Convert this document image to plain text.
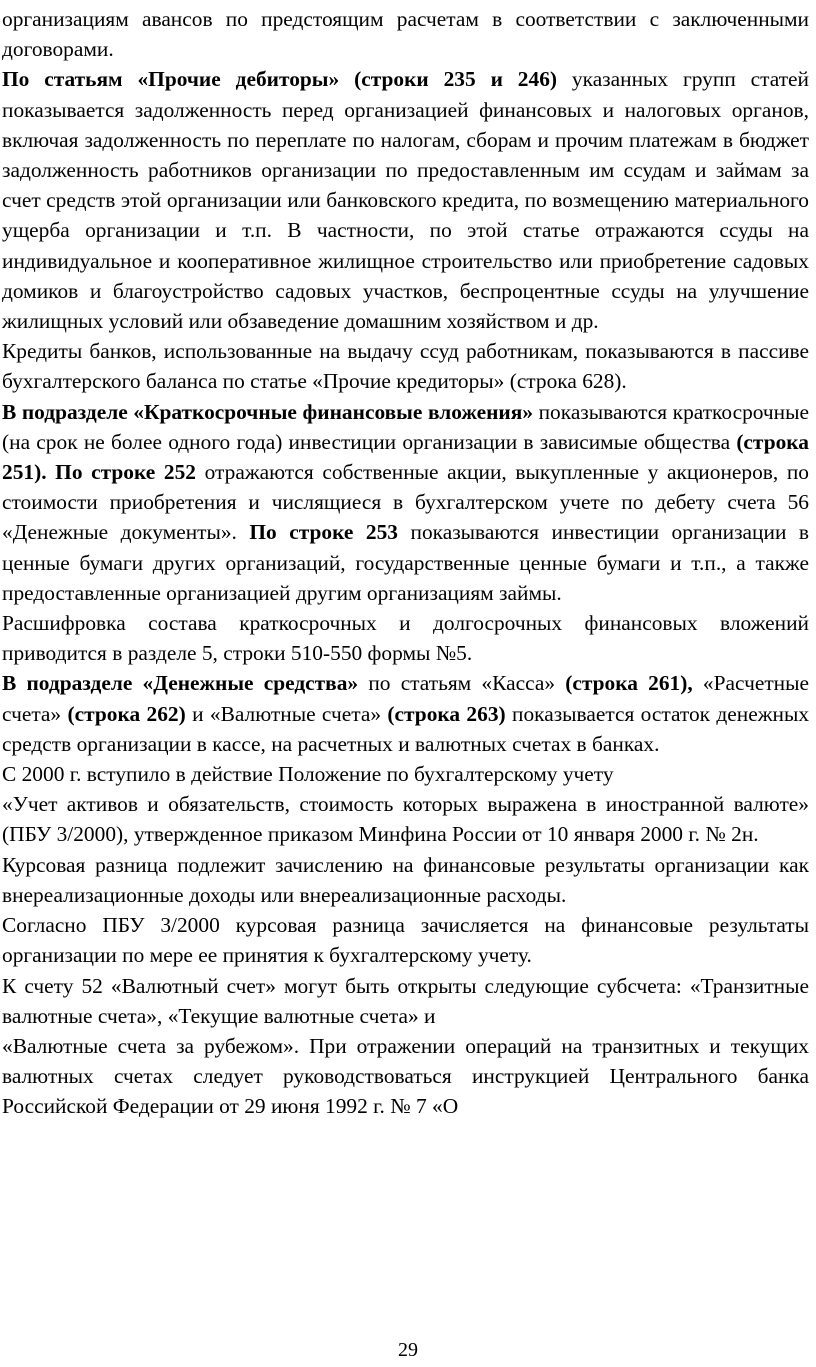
организациям авансов по предстоящим расчетам в соответствии с заключенными договорами.

По статьям «Прочие дебиторы» (строки 235 и 246) указанных групп статей показывается задолженность перед организацией финансовых и налоговых органов, включая задолженность по переплате по налогам, сборам и прочим платежам в бюджет задолженность работников организации по предоставленным им ссудам и займам за счет средств этой организации или банковского кредита, по возмещению материального ущерба организации и т.п. В частности, по этой статье отражаются ссуды на индивидуальное и кооперативное жилищное строительство или приобретение садовых домиков и благоустройство садовых участков, беспроцентные ссуды на улучшение жилищных условий или обзаведение домашним хозяйством и др.

Кредиты банков, использованные на выдачу ссуд работникам, показываются в пассиве бухгалтерского баланса по статье «Прочие кредиторы» (строка 628).

В подразделе «Краткосрочные финансовые вложения» показываются краткосрочные (на срок не более одного года) инвестиции организации в зависимые общества (строка 251). По строке 252 отражаются собственные акции, выкупленные у акционеров, по стоимости приобретения и числящиеся в бухгалтерском учете по дебету счета 56 «Денежные документы». По строке 253 показываются инвестиции организации в ценные бумаги других организаций, государственные ценные бумаги и т.п., а также предоставленные организацией другим организациям займы.

Расшифровка состава краткосрочных и долгосрочных финансовых вложений приводится в разделе 5, строки 510-550 формы №5.

В подразделе «Денежные средства» по статьям «Касса» (строка 261), «Расчетные счета» (строка 262) и «Валютные счета» (строка 263) показывается остаток денежных средств организации в кассе, на расчетных и валютных счетах в банках.

С 2000 г. вступило в действие Положение по бухгалтерскому учету

«Учет активов и обязательств, стоимость которых выражена в иностранной валюте» (ПБУ 3/2000), утвержденное приказом Минфина России от 10 января 2000 г. № 2н.

Курсовая разница подлежит зачислению на финансовые результаты организации как внереализационные доходы или внереализационные расходы.

Согласно ПБУ 3/2000 курсовая разница зачисляется на финансовые результаты организации по мере ее принятия к бухгалтерскому учету.

К счету 52 «Валютный счет» могут быть открыты следующие субсчета: «Транзитные валютные счета», «Текущие валютные счета» и

«Валютные счета за рубежом». При отражении операций на транзитных и текущих валютных счетах следует руководствоваться инструкцией Центрального банка Российской Федерации от 29 июня 1992 г. № 7 «О

29
